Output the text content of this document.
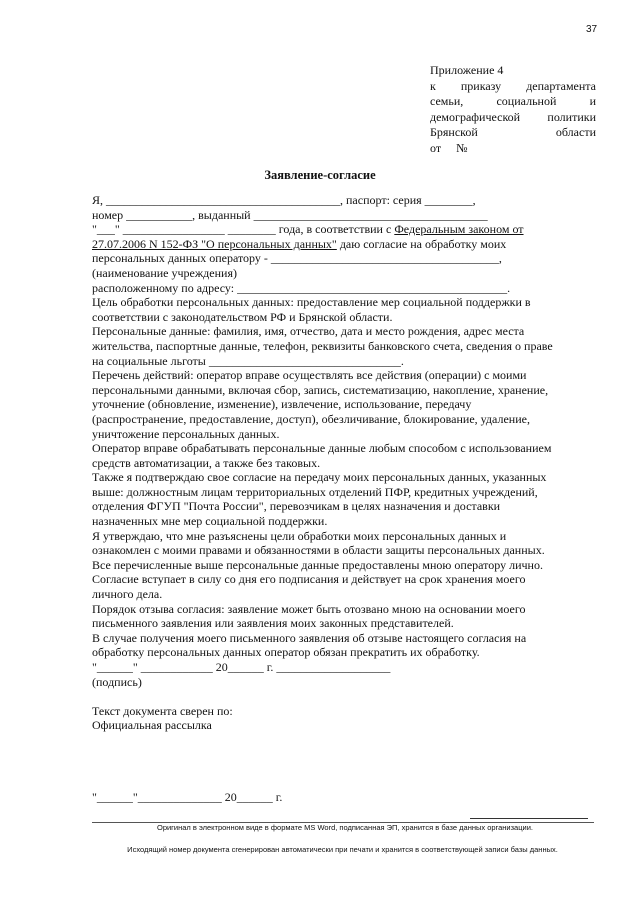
37
Приложение 4
к приказу департамента
семьи, социальной и
демографической политики
Брянской области
от     №
Заявление-согласие
Я, _______________________________________, паспорт: серия ________,
номер ___________, выданный _______________________________________
"___" _________________ ________ года, в соответствии с Федеральным законом от
27.07.2006 N 152-ФЗ "О персональных данных" даю согласие на обработку моих
персональных данных оператору - ______________________________________,
(наименование учреждения)
расположенному по адресу: _____________________________________________.
Цель обработки персональных данных: предоставление мер социальной поддержки в
соответствии с законодательством РФ и Брянской области.
Персональные данные: фамилия, имя, отчество, дата и место рождения, адрес места
жительства, паспортные данные, телефон, реквизиты банковского счета, сведения о праве
на социальные льготы ________________________________.
Перечень действий: оператор вправе осуществлять все действия (операции) с моими
персональными данными, включая сбор, запись, систематизацию, накопление, хранение,
уточнение (обновление, изменение), извлечение, использование, передачу
(распространение, предоставление, доступ), обезличивание, блокирование, удаление,
уничтожение персональных данных.
Оператор вправе обрабатывать персональные данные любым способом с использованием
средств автоматизации, а также без таковых.
Также я подтверждаю свое согласие на передачу моих персональных данных, указанных
выше: должностным лицам территориальных отделений ПФР, кредитных учреждений,
отделения ФГУП "Почта России", перевозчикам в целях назначения и доставки
назначенных мне мер социальной поддержки.
Я утверждаю, что мне разъяснены цели обработки моих персональных данных и
ознакомлен с моими правами и обязанностями в области защиты персональных данных.
Все перечисленные выше персональные данные предоставлены мною оператору лично.
Согласие вступает в силу со дня его подписания и действует на срок хранения моего
личного дела.
Порядок отзыва согласия: заявление может быть отозвано мною на основании моего
письменного заявления или заявления моих законных представителей.
В случае получения моего письменного заявления об отзыве настоящего согласия на
обработку персональных данных оператор обязан прекратить их обработку.
"______" ____________ 20______ г. ___________________
(подпись)
Текст документа сверен по:
Официальная рассылка
"______"______________ 20______ г.
Оригинал в электронном виде в формате MS Word, подписанная ЭП, хранится в базе данных организации.
Исходящий номер документа сгенерирован автоматически при печати и хранится в соответствующей записи базы данных.
